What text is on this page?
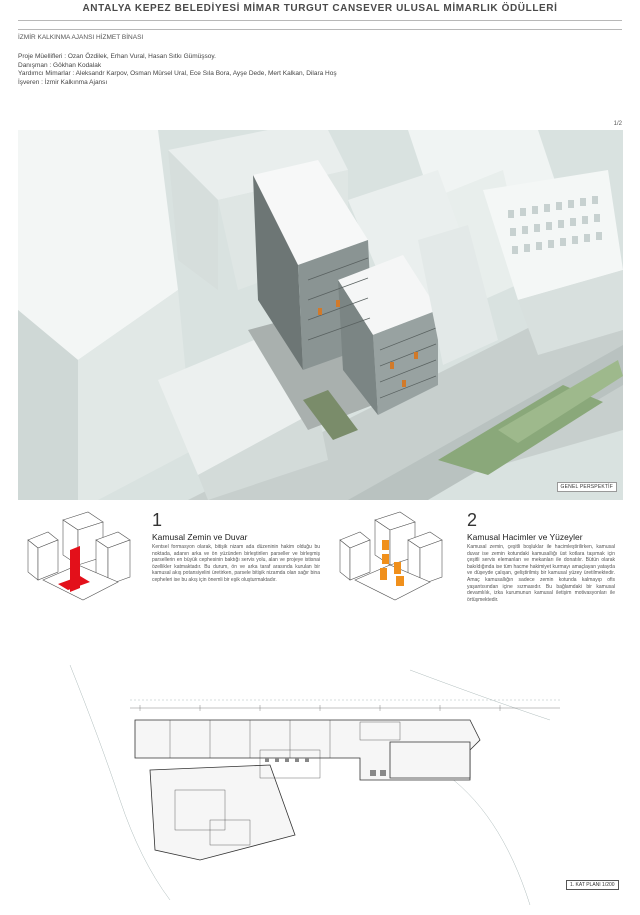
ANTALYA KEPEZ BELEDİYESİ MİMAR TURGUT CANSEVER ULUSAL MİMARLIK ÖDÜLLERİ
İZMİR KALKINMA AJANSI HİZMET BİNASI
Proje Müellifleri : Ozan Özdilek, Erhan Vural, Hasan Sıtkı Gümüşsoy.
Danışman : Gökhan Kodalak
Yardımcı Mimarlar : Aleksandr Karpov, Osman Mürsel Ural, Ece Sıla Bora, Ayşe Dede, Mert Kalkan, Dilara Hoş
İşveren : İzmir Kalkınma Ajansı
1/2
GENEL PERSPEKTİF
1
Kamusal Zemin ve Duvar
Kentsel formasyon olarak, bitişik nizam ada düzeninin hakim olduğu bu noktada, adanın arka ve ön yüzünden birleştirilen parseller ve birleşmiş parsellerin en büyük cephesinin baktığı servis yolu, alan ve projeye istisnai özellikler katmaktadır. Bu durum, ön ve arka taraf arasında kurulan bir kamusal akış potansiyelini üretirken, parsele bitişik nizamda olan sağır bina cepheleri ise bu akış için önemli bir eşik oluşturmaktadır.
2
Kamusal Hacimler ve Yüzeyler
Kamusal zemin, çeşitli boşluklar ile hacimleştirilirken, kamusal duvar ise zemin kotundaki kamusallığı üst kotlara taşımak için çeşitli servis elemanları ve mekanları ile donatılır. Bütün olarak bakıldığında ise tüm hacme hakimiyet kurmayı amaçlayan yatayda ve düşeyde çalışan, geliştirilmiş bir kamusal yüzey üretilmektedir. Amaç kamusallığın sadece zemin kotunda kalmayıp ofis yaşantısından içine sızmasıdır. Bu bağlamdaki bir kamusal devamlılık, izka kurumunun kamusal iletişim motivasyonları ile örtüşmektedir.
1. KAT PLANI 1/200
